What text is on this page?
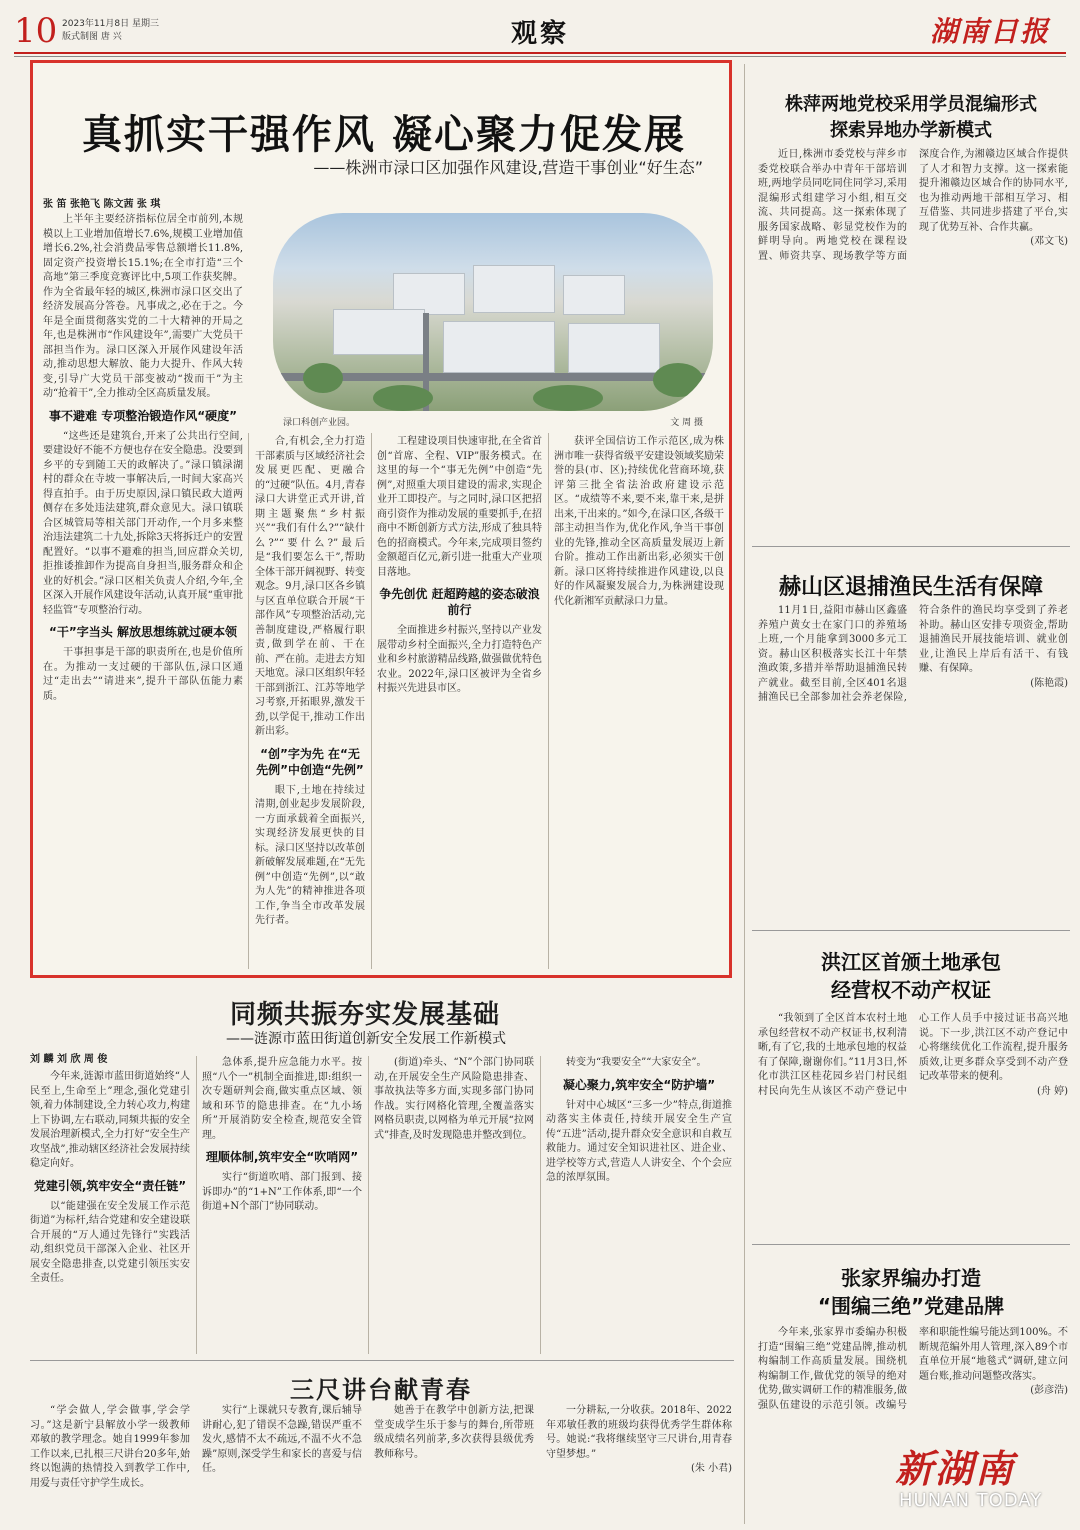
10 2023年11月8日 星期三
版式制图 唐 兴	观察	湖南日报
真抓实干强作风 凝心聚力促发展
——株洲市渌口区加强作风建设,营造干事创业“好生态”
张 笛 张艳飞 陈文茜 张 琪
渌口科创产业园。	文 周 摄

上半年主要经济指标位居全市前列,本规模以上工业增加值增长7.6%,规模工业增加值增长6.2%,社会消费品零售总额增长11.8%,固定资产投资增长15.1%;在全市打造“三个高地”第三季度竞赛评比中,5项工作获奖牌。作为全省最年轻的城区,株洲市渌口区交出了经济发展高分答卷。凡事成之,必在于之。今年是全面贯彻落实党的二十大精神的开局之年,也是株洲市“作风建设年”,需要广大党员干部担当作为。渌口区深入开展作风建设年活动,推动思想大解放、能力大提升、作风大转变,引导广大党员干部变被动“拨而干”为主动“抢着干”,全力推动全区高质量发展。

事不避难 专项整治锻造作风“硬度”

“这些还是建筑台,开来了公共出行空间,要建设好不能不方便也存在安全隐患。没要到乡平的专到随工天的政解决了。”渌口镇渌湖村的群众在寺坡一事解决后,一时间大家高兴得直拍手。由于历史原因,渌口镇民政大道两侧存在多处违法建筑,群众意见大。渌口镇联合区城管局等相关部门开动作,一个月多来整治违法建筑二十九处,拆除3天将拆迁户的安置配置好。“以事不避难的担当,回应群众关切,拒推诿推卸作为提高自身担当,服务群众和企业的好机会。”渌口区相关负责人介绍,今年,全区深入开展作风建设年活动,认真开展“重审批轻监管”专项整治行动。

“干”字当头 解放思想练就过硬本领

干事担事是干部的职责所在,也是价值所在。为推动一支过硬的干部队伍,渌口区通过“走出去”“请进来”,提升干部队伍能力素质。

合,有机会,全力打造干部素质与区域经济社会发展更匹配、更融合的“过硬”队伍。4月,青春渌口大讲堂正式开讲,首期主题聚焦“乡村振兴”“我们有什么?”“缺什么?”“要什么?”最后是“我们要怎么干”,帮助全体干部开阔视野、转变观念。9月,渌口区各乡镇与区直单位联合开展“干部作风”专项整治活动,完善制度建设,严格履行职责,做到学在前、干在前、严在前。走进去方知天地宽。渌口区组织年轻干部到浙江、江苏等地学习考察,开拓眼界,激发干劲,以学促干,推动工作出新出彩。

“创”字为先 在“无先例”中创造“先例”

眼下,土地在持续过清期,创业起步发展阶段,一方面承载着全面振兴,实现经济发展更快的目标。渌口区坚持以改革创新破解发展难题,在“无先例”中创造“先例”,以“敢为人先”的精神推进各项工作,争当全市改革发展先行者。

工程建设项目快速审批,在全省首创“首席、全程、VIP”服务模式。在这里的每一个“事无先例”中创造“先例”,对照重大项目建设的需求,实现企业开工即投产。与之同时,渌口区把招商引资作为推动发展的重要抓手,在招商中不断创新方式方法,形成了独具特色的招商模式。今年来,完成项目签约金额超百亿元,新引进一批重大产业项目落地。

争先创优 赶超跨越的姿态破浪前行

全面推进乡村振兴,坚持以产业发展带动乡村全面振兴,全力打造特色产业和乡村旅游精品线路,做强做优特色农业。2022年,渌口区被评为全省乡村振兴先进县市区。

获评全国信访工作示范区,成为株洲市唯一获得省级平安建设领域奖励荣誉的县(市、区);持续优化营商环境,获评第三批全省法治政府建设示范区。“成绩等不来,要不来,靠干来,是拼出来,干出来的。”如今,在渌口区,各级干部主动担当作为,优化作风,争当干事创业的先锋,推动全区高质量发展迈上新台阶。推动工作出新出彩,必须实干创新。渌口区将持续推进作风建设,以良好的作风凝聚发展合力,为株洲建设现代化新湘军贡献渌口力量。

株萍两地党校采用学员混编形式
探索异地办学新模式

近日,株洲市委党校与萍乡市委党校联合举办中青年干部培训班,两地学员同吃同住同学习,采用混编形式组建学习小组,相互交流、共同提高。这一探索体现了服务国家战略、彰显党校作为的鲜明导向。两地党校在课程设置、师资共享、现场教学等方面深度合作,为湘赣边区域合作提供了人才和智力支撑。这一探索能提升湘赣边区域合作的协同水平,也为推动两地干部相互学习、相互借鉴、共同进步搭建了平台,实现了优势互补、合作共赢。

(邓文飞)

赫山区退捕渔民生活有保障

11月1日,益阳市赫山区鑫盛养殖户黄女士在家门口的养殖场上班,一个月能拿到3000多元工资。赫山区积极落实长江十年禁渔政策,多措并举帮助退捕渔民转产就业。截至目前,全区401名退捕渔民已全部参加社会养老保险,符合条件的渔民均享受到了养老补助。赫山区安排专项资金,帮助退捕渔民开展技能培训、就业创业,让渔民上岸后有活干、有钱赚、有保障。

(陈艳霞)

洪江区首颁土地承包
经营权不动产权证

“我领到了全区首本农村土地承包经营权不动产权证书,权利清晰,有了它,我的土地承包地的权益有了保障,谢谢你们。”11月3日,怀化市洪江区桂花园乡岩门村民组村民向先生从该区不动产登记中心工作人员手中接过证书高兴地说。下一步,洪江区不动产登记中心将继续优化工作流程,提升服务质效,让更多群众享受到不动产登记改革带来的便利。

(舟 婷)

张家界编办打造
“围编三绝”党建品牌

今年来,张家界市委编办积极打造“围编三绝”党建品牌,推动机构编制工作高质量发展。围绕机构编制工作,做优党的领导的绝对优势,做实调研工作的精准服务,做强队伍建设的示范引领。改编号率和职能性编号能达到100%。不断规范编外用人管理,深入89个市直单位开展“地毯式”调研,建立问题台账,推动问题整改落实。

(彭彦浩)

同频共振夯实发展基础
——涟源市蓝田街道创新安全发展工作新模式
刘 麟 刘 欣 周 俊

今年来,涟源市蓝田街道始终“人民至上,生命至上”理念,强化党建引领,着力体制建设,全力转心攻力,构建上下协调,左右联动,同频共振的安全发展治理新模式,全力打好“安全生产攻坚战”,推动辖区经济社会发展持续稳定向好。

党建引领,筑牢安全“责任链”

以“能建强在安全发展工作示范街道”为标杆,结合党建和安全建设联合开展的“万人通过先锋行”实践活动,组织党员干部深入企业、社区开展安全隐患排查,以党建引领压实安全责任。

急体系,提升应急能力水平。按照“八个一”机制全面推进,即:组织一次专题研判会商,做实重点区域、领域和环节的隐患排查。在“九小场所”开展消防安全检查,规范安全管理。

理顺体制,筑牢安全“吹哨网”

实行“街道吹哨、部门报到、接诉即办”的“1+N”工作体系,即“一个街道+N个部门”协同联动。

(街道)牵头、“N”个部门协同联动,在开展安全生产风险隐患排查、事故执法等多方面,实现多部门协同作战。实行网格化管理,全覆盖落实网格员职责,以网格为单元开展“拉网式”排查,及时发现隐患并整改到位。

转变为“我要安全”“大家安全”。

凝心聚力,筑牢安全“防护墙”

针对中心城区“三多一少”特点,街道推动落实主体责任,持续开展安全生产宣传“五进”活动,提升群众安全意识和自救互救能力。通过安全知识进社区、进企业、进学校等方式,营造人人讲安全、个个会应急的浓厚氛围。

三尺讲台献青春

“学会做人,学会做事,学会学习。”这是新宁县解放小学一级教师邓敏的教学理念。她自1999年参加工作以来,已扎根三尺讲台20多年,始终以饱满的热情投入到教学工作中,用爱与责任守护学生成长。

实行“上课就只专教育,课后辅导讲耐心,犯了错误不急躁,错误严重不发火,感情不太不疏远,不温不火不急躁”原则,深受学生和家长的喜爱与信任。

她善于在教学中创新方法,把课堂变成学生乐于参与的舞台,所带班级成绩名列前茅,多次获得县级优秀教师称号。

一分耕耘,一分收获。2018年、2022年邓敏任教的班级均获得优秀学生群体称号。她说:“我将继续坚守三尺讲台,用青春守望梦想。”

(朱 小君)	新湖南
HUNAN TODAY
